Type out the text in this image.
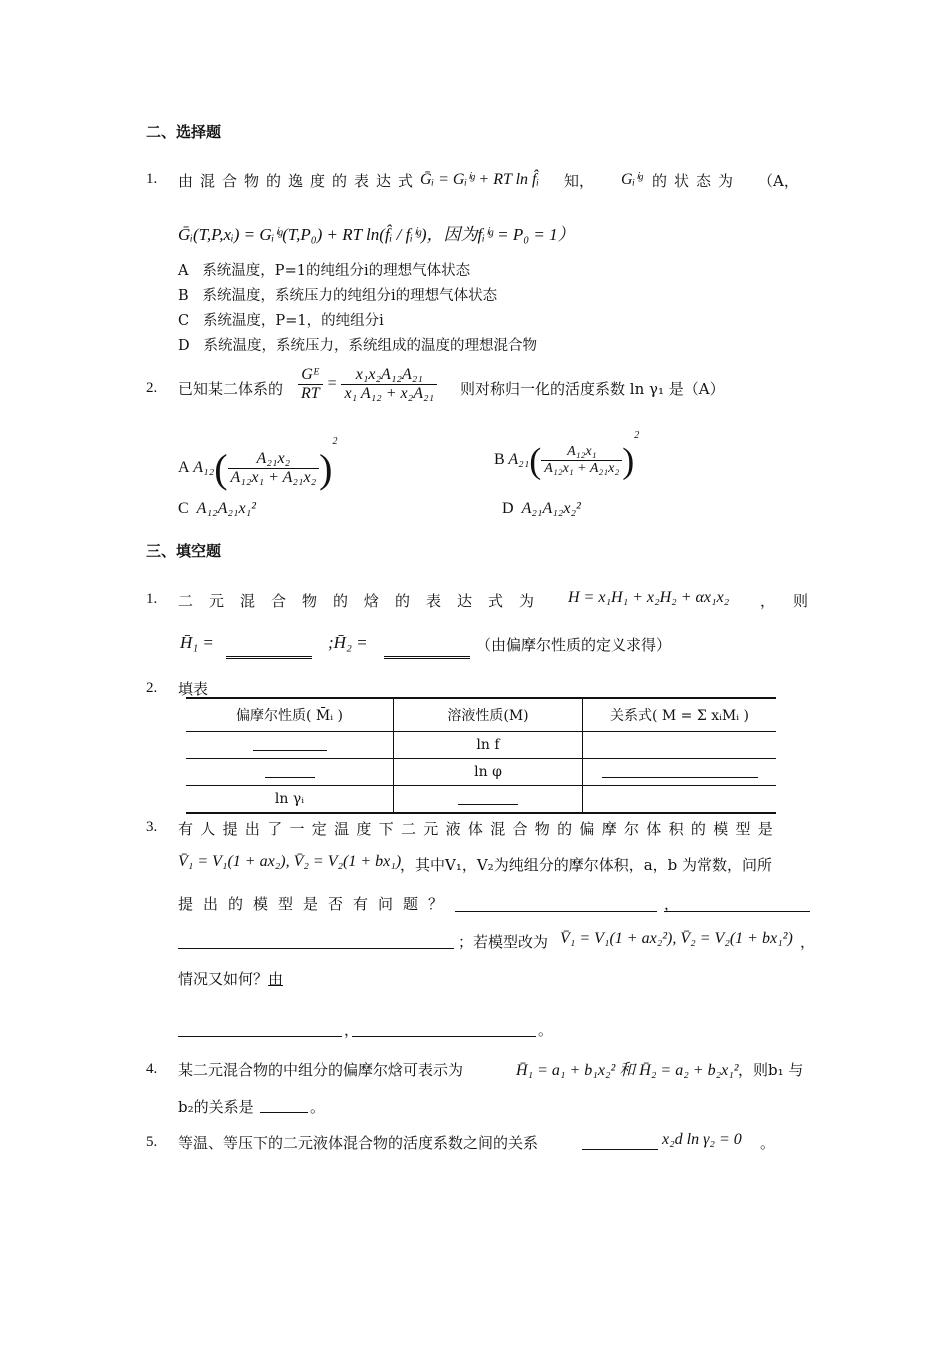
二、选择题
1. 由混合物的逸度的表达式 Ḡᵢ = Gᵢⁱᵍ + RT ln f̂ᵢ 知， Gᵢⁱᵍ 的状态为 （A，
Ḡᵢ(T,P,xᵢ) = Gᵢⁱᵍ(T,P₀) + RT ln(f̂ᵢ / fᵢⁱᵍ)，因为fᵢⁱᵍ = P₀ = 1）
A 系统温度，P=1的纯组分i的理想气体状态
B 系统温度，系统压力的纯组分i的理想气体状态
C 系统温度，P=1，的纯组分i
D 系统温度，系统压力，系统组成的温度的理想混合物
2. 已知某二体系的 $\frac{\text{Gᴱ}}{RT} = \frac{\text{x₁x₂A₁₂A₂₁}}{\text{x₁ A₁₂ + x₂A₂₁}}$ 则对称归一化的活度系数 ln γ₁ 是（A）
A $A_{12}( \frac{\text{A₂₁x₂}}{\text{A₁₂x₁ + A₂₁x₂}} )^2$
B $A_{21}( \frac{\text{A₁₂x₁}}{\text{A₁₂x₁ + A₂₁x₂}} )^2$
C A₁₂A₂₁x₁²	D A₂₁A₁₂x₂²
三、填空题
1. 二元混合物的焓的表达式为 H = x₁H₁ + x₂H₂ + αx₁x₂ ，则
H̄₁ =	;H̄₂ =	（由偏摩尔性质的定义求得）
2. 填表
偏摩尔性质( M̄ᵢ )	溶液性质(M)	关系式( M = Σ xᵢMᵢ )
	ln f	
	ln φ	
ln γᵢ		
3. 有人提出了一定温度下二元液体混合物的偏摩尔体积的模型是
V̄₁ = V₁(1 + ax₂), V̄₂ = V₂(1 + bx₁)
，其中V₁，V₂为纯组分的摩尔体积，a，b 为常数，问所
提出的模型是否有问题？	，
；若模型改为 V̄₁ = V₁(1 + ax₂²), V̄₂ = V₂(1 + bx₁²) ，
情况又如何？由
，	。
4. 某二元混合物的中组分的偏摩尔焓可表示为	H̄₁ = a₁ + b₁x₂² 和 H̄₂ = a₂ + b₂x₁² ，则b₁ 与
b₂的关系是	。
5. 等温、等压下的二元液体混合物的活度系数之间的关系	x₂d ln γ₂ = 0 。
